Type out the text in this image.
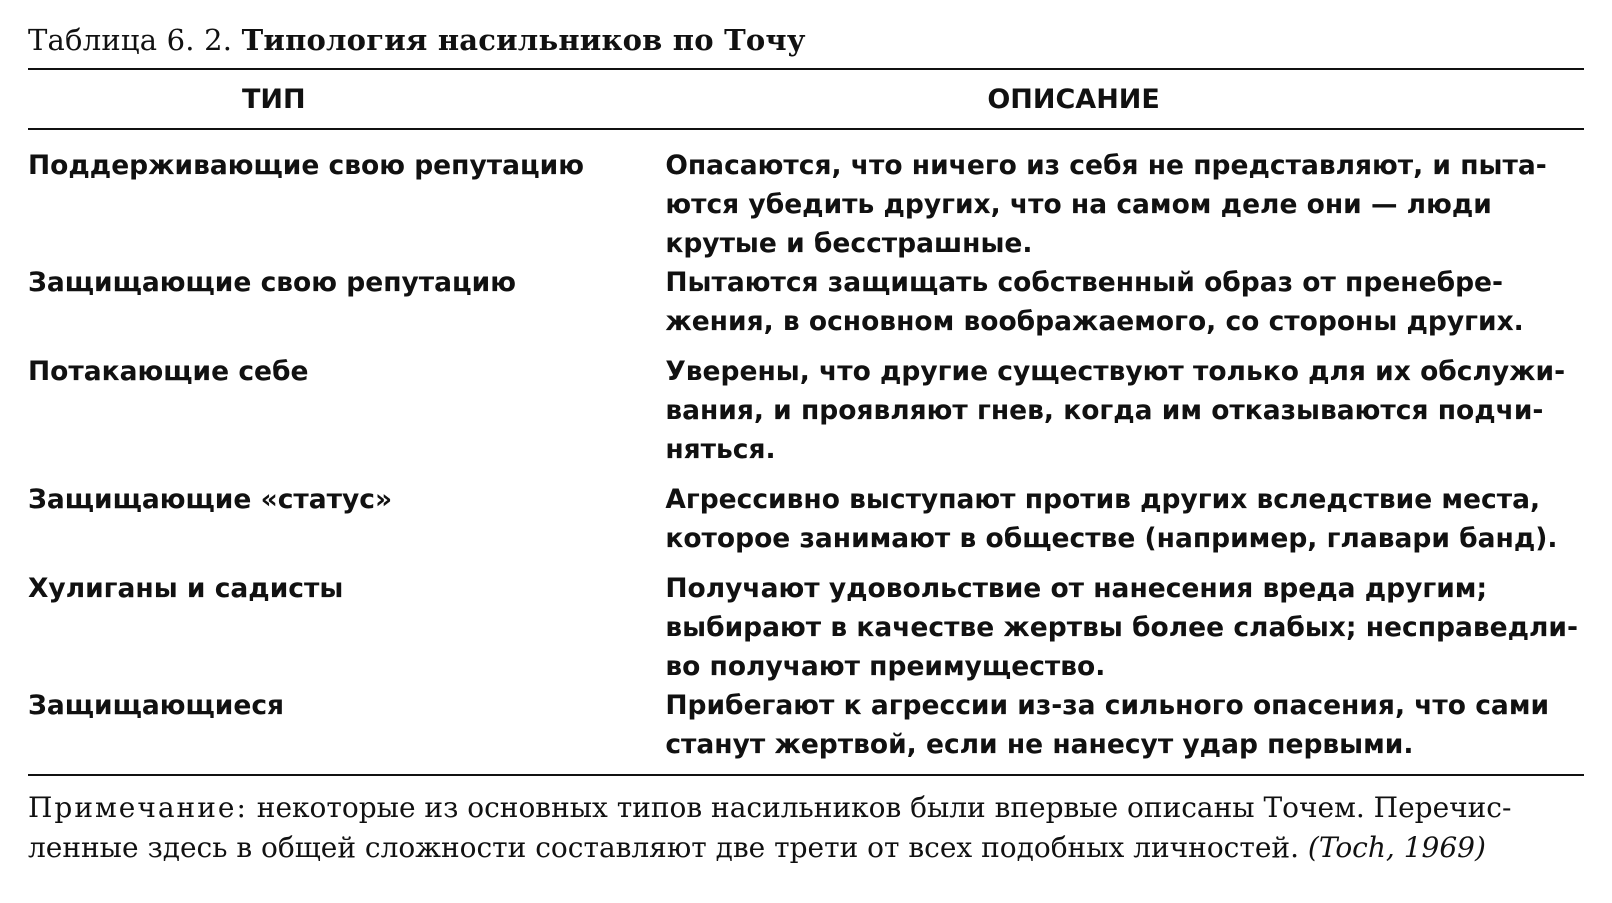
Таблица 6. 2. Типология насильников по Точу
ТИП	ОПИСАНИЕ

Поддерживающие свою репутацию	Опасаются, что ничего из себя не представляют, и пыта-
ются убедить других, что на самом деле они — люди
крутые и бесстрашные.

Защищающие свою репутацию	Пытаются защищать собственный образ от пренебре-
жения, в основном воображаемого, со стороны других.

Потакающие себе	Уверены, что другие существуют только для их обслужи-
вания, и проявляют гнев, когда им отказываются подчи-
няться.

Защищающие «статус»	Агрессивно выступают против других вследствие места,
которое занимают в обществе (например, главари банд).

Хулиганы и садисты	Получают удовольствие от нанесения вреда другим;
выбирают в качестве жертвы более слабых; несправедли-
во получают преимущество.

Защищающиеся	Прибегают к агрессии из-за сильного опасения, что сами
станут жертвой, если не нанесут удар первыми.
Примечание: некоторые из основных типов насильников были впервые описаны Точем. Перечис-
ленные здесь в общей сложности составляют две трети от всех подобных личностей. (Toch, 1969)
